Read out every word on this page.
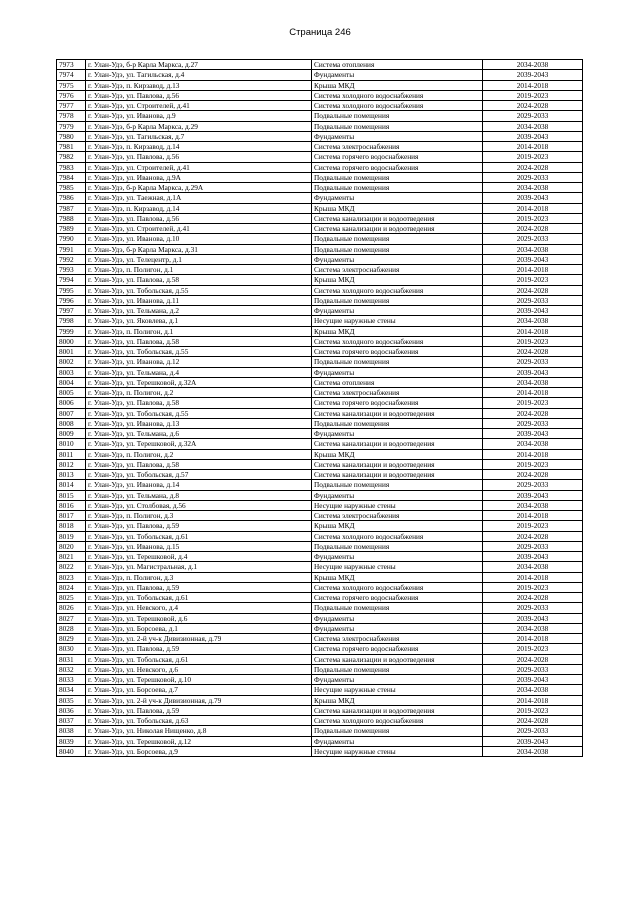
Страница 246
7973	г. Улан-Удэ, б-р Карла Маркса, д.27	Система отопления	2034-2038
7974	г. Улан-Удэ, ул. Тагильская, д.4	Фундаменты	2039-2043
7975	г. Улан-Удэ, п. Кирзавод, д.13	Крыша МКД	2014-2018
7976	г. Улан-Удэ, ул. Павлова, д.56	Система холодного водоснабжения	2019-2023
7977	г. Улан-Удэ, ул. Строителей, д.41	Система холодного водоснабжения	2024-2028
7978	г. Улан-Удэ, ул. Иванова, д.9	Подвальные помещения	2029-2033
7979	г. Улан-Удэ, б-р Карла Маркса, д.29	Подвальные помещения	2034-2038
7980	г. Улан-Удэ, ул. Тагильская, д.7	Фундаменты	2039-2043
7981	г. Улан-Удэ, п. Кирзавод, д.14	Система электроснабжения	2014-2018
7982	г. Улан-Удэ, ул. Павлова, д.56	Система горячего водоснабжения	2019-2023
7983	г. Улан-Удэ, ул. Строителей, д.41	Система горячего водоснабжения	2024-2028
7984	г. Улан-Удэ, ул. Иванова, д.9А	Подвальные помещения	2029-2033
7985	г. Улан-Удэ, б-р Карла Маркса, д.29А	Подвальные помещения	2034-2038
7986	г. Улан-Удэ, ул. Таежная, д.1А	Фундаменты	2039-2043
7987	г. Улан-Удэ, п. Кирзавод, д.14	Крыша МКД	2014-2018
7988	г. Улан-Удэ, ул. Павлова, д.56	Система канализации и водоотведения	2019-2023
7989	г. Улан-Удэ, ул. Строителей, д.41	Система канализации и водоотведения	2024-2028
7990	г. Улан-Удэ, ул. Иванова, д.10	Подвальные помещения	2029-2033
7991	г. Улан-Удэ, б-р Карла Маркса, д.31	Подвальные помещения	2034-2038
7992	г. Улан-Удэ, ул. Телецентр, д.1	Фундаменты	2039-2043
7993	г. Улан-Удэ, п. Полигон, д.1	Система электроснабжения	2014-2018
7994	г. Улан-Удэ, ул. Павлова, д.58	Крыша МКД	2019-2023
7995	г. Улан-Удэ, ул. Тобольская, д.55	Система холодного водоснабжения	2024-2028
7996	г. Улан-Удэ, ул. Иванова, д.11	Подвальные помещения	2029-2033
7997	г. Улан-Удэ, ул. Тельмана, д.2	Фундаменты	2039-2043
7998	г. Улан-Удэ, ул. Яковлева, д.1	Несущие наружные стены	2034-2038
7999	г. Улан-Удэ, п. Полигон, д.1	Крыша МКД	2014-2018
8000	г. Улан-Удэ, ул. Павлова, д.58	Система холодного водоснабжения	2019-2023
8001	г. Улан-Удэ, ул. Тобольская, д.55	Система горячего водоснабжения	2024-2028
8002	г. Улан-Удэ, ул. Иванова, д.12	Подвальные помещения	2029-2033
8003	г. Улан-Удэ, ул. Тельмана, д.4	Фундаменты	2039-2043
8004	г. Улан-Удэ, ул. Терешковой, д.32А	Система отопления	2034-2038
8005	г. Улан-Удэ, п. Полигон, д.2	Система электроснабжения	2014-2018
8006	г. Улан-Удэ, ул. Павлова, д.58	Система горячего водоснабжения	2019-2023
8007	г. Улан-Удэ, ул. Тобольская, д.55	Система канализации и водоотведения	2024-2028
8008	г. Улан-Удэ, ул. Иванова, д.13	Подвальные помещения	2029-2033
8009	г. Улан-Удэ, ул. Тельмана, д.6	Фундаменты	2039-2043
8010	г. Улан-Удэ, ул. Терешковой, д.32А	Система канализации и водоотведения	2034-2038
8011	г. Улан-Удэ, п. Полигон, д.2	Крыша МКД	2014-2018
8012	г. Улан-Удэ, ул. Павлова, д.58	Система канализации и водоотведения	2019-2023
8013	г. Улан-Удэ, ул. Тобольская, д.57	Система канализации и водоотведения	2024-2028
8014	г. Улан-Удэ, ул. Иванова, д.14	Подвальные помещения	2029-2033
8015	г. Улан-Удэ, ул. Тельмана, д.8	Фундаменты	2039-2043
8016	г. Улан-Удэ, ул. Столбовая, д.56	Несущие наружные стены	2034-2038
8017	г. Улан-Удэ, п. Полигон, д.3	Система электроснабжения	2014-2018
8018	г. Улан-Удэ, ул. Павлова, д.59	Крыша МКД	2019-2023
8019	г. Улан-Удэ, ул. Тобольская, д.61	Система холодного водоснабжения	2024-2028
8020	г. Улан-Удэ, ул. Иванова, д.15	Подвальные помещения	2029-2033
8021	г. Улан-Удэ, ул. Терешковой, д.4	Фундаменты	2039-2043
8022	г. Улан-Удэ, ул. Магистральная, д.1	Несущие наружные стены	2034-2038
8023	г. Улан-Удэ, п. Полигон, д.3	Крыша МКД	2014-2018
8024	г. Улан-Удэ, ул. Павлова, д.59	Система холодного водоснабжения	2019-2023
8025	г. Улан-Удэ, ул. Тобольская, д.61	Система горячего водоснабжения	2024-2028
8026	г. Улан-Удэ, ул. Невского, д.4	Подвальные помещения	2029-2033
8027	г. Улан-Удэ, ул. Терешковой, д.6	Фундаменты	2039-2043
8028	г. Улан-Удэ, ул. Борсоева, д.1	Фундаменты	2034-2038
8029	г. Улан-Удэ, ул. 2-й уч-к Дивизионная, д.79	Система электроснабжения	2014-2018
8030	г. Улан-Удэ, ул. Павлова, д.59	Система горячего водоснабжения	2019-2023
8031	г. Улан-Удэ, ул. Тобольская, д.61	Система канализации и водоотведения	2024-2028
8032	г. Улан-Удэ, ул. Невского, д.6	Подвальные помещения	2029-2033
8033	г. Улан-Удэ, ул. Терешковой, д.10	Фундаменты	2039-2043
8034	г. Улан-Удэ, ул. Борсоева, д.7	Несущие наружные стены	2034-2038
8035	г. Улан-Удэ, ул. 2-й уч-к Дивизионная, д.79	Крыша МКД	2014-2018
8036	г. Улан-Удэ, ул. Павлова, д.59	Система канализации и водоотведения	2019-2023
8037	г. Улан-Удэ, ул. Тобольская, д.63	Система холодного водоснабжения	2024-2028
8038	г. Улан-Удэ, ул. Николая Нищенко, д.8	Подвальные помещения	2029-2033
8039	г. Улан-Удэ, ул. Терешковой, д.12	Фундаменты	2039-2043
8040	г. Улан-Удэ, ул. Борсоева, д.9	Несущие наружные стены	2034-2038
